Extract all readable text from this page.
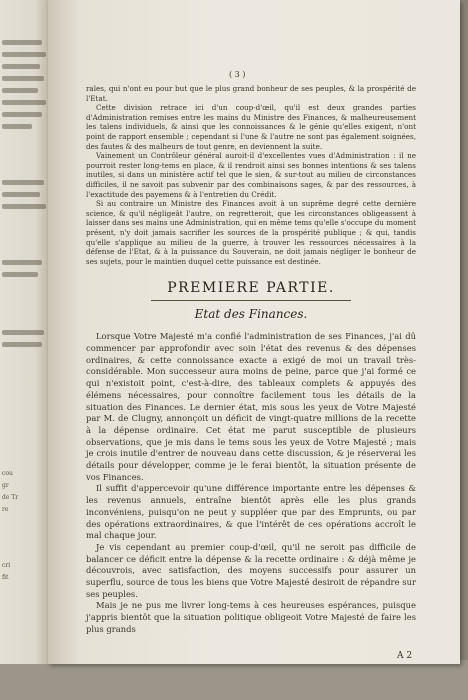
cou
gr
de Tr
re
cri
fit
( 3 )

rales, qui n'ont eu pour but que le plus grand bonheur de ses peuples, & la prospérité de l'Etat.

Cette division retrace ici d'un coup-d'œil, qu'il est deux grandes parties d'Administration remises entre les mains du Ministre des Finances, & malheureusement les talens individuels, & ainsi que les connoissances & le génie qu'elles exigent, n'ont point de rapport ensemble ; cependant si l'une & l'autre ne sont pas également soignées, des fautes & des malheurs de tout genre, en deviennent la suite.

Vainement un Contrôleur général auroit-il d'excellentes vues d'Administration : il ne pourroit rester long-tems en place, & il rendroit ainsi ses bonnes intentions & ses talens inutiles, si dans un ministère actif tel que le sien, & sur-tout au milieu de circonstances difficiles, il ne savoit pas subvenir par des combinaisons sages, & par des ressources, à l'exactitude des payemens & à l'entretien du Crédit.

Si au contraire un Ministre des Finances avoit à un suprême degré cette dernière science, & qu'il négligeât l'autre, on regretteroit, que les circonstances obligeassent à laisser dans ses mains une Administration, qui en même tems qu'elle s'occupe du moment présent, n'y doit jamais sacrifier les sources de la prospérité publique ; & qui, tandis qu'elle s'applique au milieu de la guerre, à trouver les ressources nécessaires à la défense de l'Etat, & à la puissance du Souverain, ne doit jamais négliger le bonheur de ses sujets, pour le maintien duquel cette puissance est destinée.

PREMIERE PARTIE.
Etat des Finances.

Lorsque Votre Majesté m'a confié l'administration de ses Finances, j'ai dû commencer par approfondir avec soin l'état des revenus & des dépenses ordinaires, & cette connoissance exacte a exigé de moi un travail très-considérable. Mon successeur aura moins de peine, parce que j'ai formé ce qui n'existoit point, c'est-à-dire, des tableaux complets & appuyés des élémens nécessaires, pour connoître facilement tous les détails de la situation des Finances. Le dernier état, mis sous les yeux de Votre Majesté par M. de Clugny, annonçoit un déficit de vingt-quatre millions de la recette à la dépense ordinaire. Cet état me parut susceptible de plusieurs observations, que je mis dans le tems sous les yeux de Votre Majesté ; mais je crois inutile d'entrer de nouveau dans cette discussion, & je réserverai les détails pour développer, comme je le ferai bientôt, la situation présente de vos Finances.

Il suffit d'appercevoir qu'une différence importante entre les dépenses & les revenus annuels, entraîne bientôt après elle les plus grands inconvéniens, puisqu'on ne peut y suppléer que par des Emprunts, ou par des opérations extraordinaires, & que l'intérêt de ces opérations accroît le mal chaque jour.

Je vis cependant au premier coup-d'œil, qu'il ne seroit pas difficile de balancer ce déficit entre la dépense & la recette ordinaire : & déjà même je découvrois, avec satisfaction, des moyens successifs pour assurer un superflu, source de tous les biens que Votre Majesté desiroit de répandre sur ses peuples.

Mais je ne pus me livrer long-tems à ces heureuses espérances, puisque j'appris bientôt que la situation politique obligeoit Votre Majesté de faire les plus grands

A 2
